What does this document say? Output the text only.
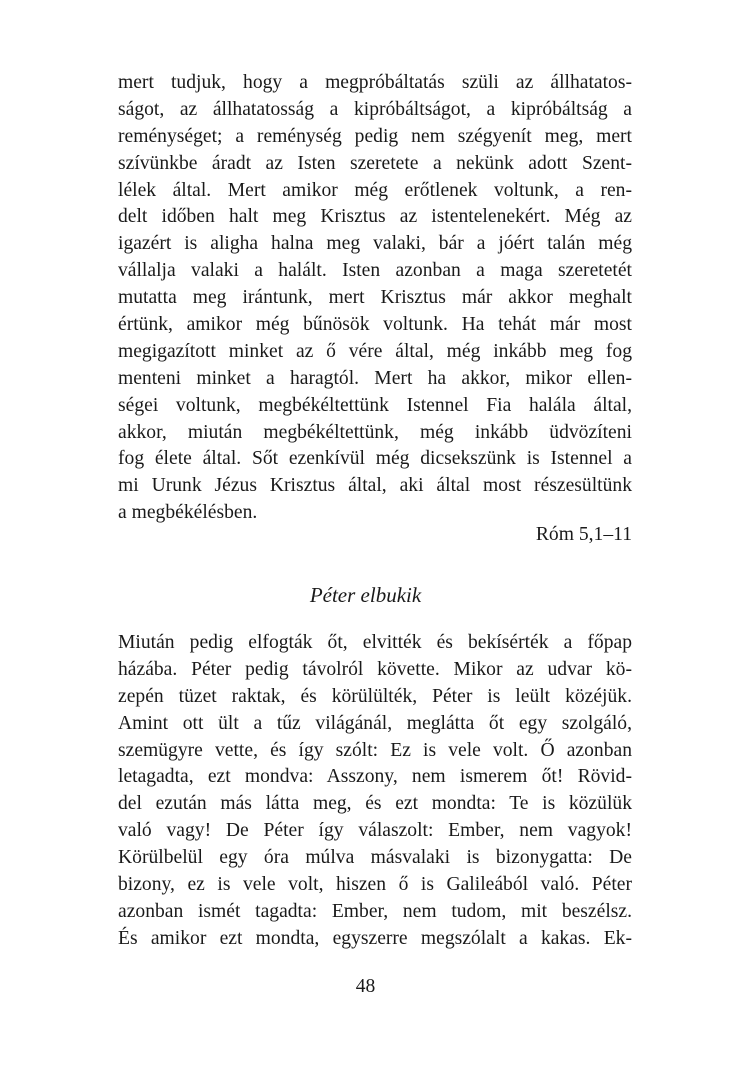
mert tudjuk, hogy a megpróbáltatás szüli az állhatatos-
ságot, az állhatatosság a kipróbáltságot, a kipróbáltság a
reménységet; a reménység pedig nem szégyenít meg, mert
szívünkbe áradt az Isten szeretete a nekünk adott Szent-
lélek által. Mert amikor még erőtlenek voltunk, a ren-
delt időben halt meg Krisztus az istentelenekért. Még az
igazért is aligha halna meg valaki, bár a jóért talán még
vállalja valaki a halált. Isten azonban a maga szeretetét
mutatta meg irántunk, mert Krisztus már akkor meghalt
értünk, amikor még bűnösök voltunk. Ha tehát már most
megigazított minket az ő vére által, még inkább meg fog
menteni minket a haragtól. Mert ha akkor, mikor ellen-
ségei voltunk, megbékéltettünk Istennel Fia halála által,
akkor, miután megbékéltettünk, még inkább üdvözíteni
fog élete által. Sőt ezenkívül még dicsekszünk is Istennel a
mi Urunk Jézus Krisztus által, aki által most részesültünk
a megbékélésben.

Róm 5,1–11

Péter elbukik
Miután pedig elfogták őt, elvitték és bekísérték a főpap
házába. Péter pedig távolról követte. Mikor az udvar kö-
zepén tüzet raktak, és körülülték, Péter is leült közéjük.
Amint ott ült a tűz világánál, meglátta őt egy szolgáló,
szemügyre vette, és így szólt: Ez is vele volt. Ő azonban
letagadta, ezt mondva: Asszony, nem ismerem őt! Rövid-
del ezután más látta meg, és ezt mondta: Te is közülük
való vagy! De Péter így válaszolt: Ember, nem vagyok!
Körülbelül egy óra múlva másvalaki is bizonygatta: De
bizony, ez is vele volt, hiszen ő is Galileából való. Péter
azonban ismét tagadta: Ember, nem tudom, mit beszélsz.
És amikor ezt mondta, egyszerre megszólalt a kakas. Ek-

48
